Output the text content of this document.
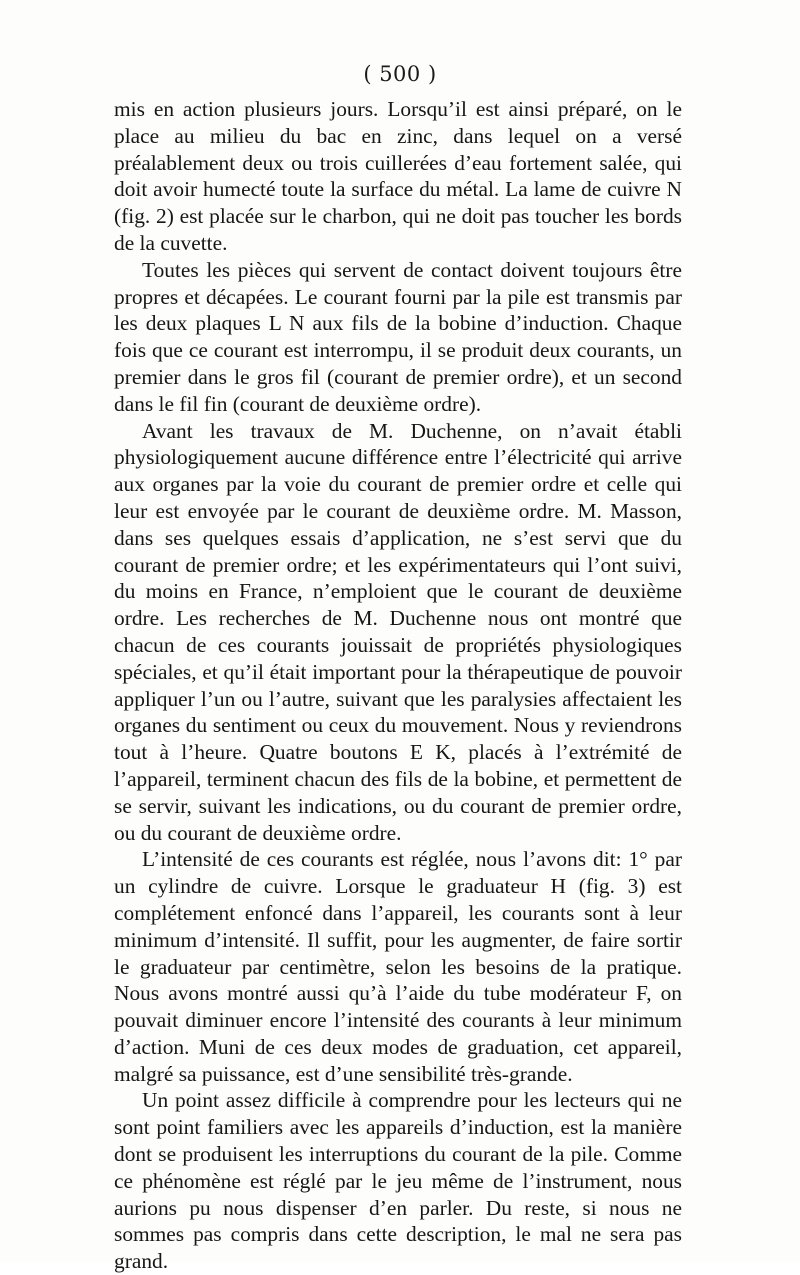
( 500 )

mis en action plusieurs jours. Lorsqu’il est ainsi préparé, on le place au milieu du bac en zinc, dans lequel on a versé préalablement deux ou trois cuillerées d’eau fortement salée, qui doit avoir humecté toute la surface du métal. La lame de cuivre N (fig. 2) est placée sur le charbon, qui ne doit pas toucher les bords de la cuvette.

Toutes les pièces qui servent de contact doivent toujours être propres et décapées. Le courant fourni par la pile est transmis par les deux plaques L N aux fils de la bobine d’induction. Chaque fois que ce courant est interrompu, il se produit deux courants, un premier dans le gros fil (courant de premier ordre), et un second dans le fil fin (courant de deuxième ordre).

Avant les travaux de M. Duchenne, on n’avait établi physiologiquement aucune différence entre l’électricité qui arrive aux organes par la voie du courant de premier ordre et celle qui leur est envoyée par le courant de deuxième ordre. M. Masson, dans ses quelques essais d’application, ne s’est servi que du courant de premier ordre; et les expérimentateurs qui l’ont suivi, du moins en France, n’emploient que le courant de deuxième ordre. Les recherches de M. Duchenne nous ont montré que chacun de ces courants jouissait de propriétés physiologiques spéciales, et qu’il était important pour la thérapeutique de pouvoir appliquer l’un ou l’autre, suivant que les paralysies affectaient les organes du sentiment ou ceux du mouvement. Nous y reviendrons tout à l’heure. Quatre boutons E K, placés à l’extrémité de l’appareil, terminent chacun des fils de la bobine, et permettent de se servir, suivant les indications, ou du courant de premier ordre, ou du courant de deuxième ordre.

L’intensité de ces courants est réglée, nous l’avons dit: 1° par un cylindre de cuivre. Lorsque le graduateur H (fig. 3) est complétement enfoncé dans l’appareil, les courants sont à leur minimum d’intensité. Il suffit, pour les augmenter, de faire sortir le graduateur par centimètre, selon les besoins de la pratique. Nous avons montré aussi qu’à l’aide du tube modérateur F, on pouvait diminuer encore l’intensité des courants à leur minimum d’action. Muni de ces deux modes de graduation, cet appareil, malgré sa puissance, est d’une sensibilité très-grande.

Un point assez difficile à comprendre pour les lecteurs qui ne sont point familiers avec les appareils d’induction, est la manière dont se produisent les interruptions du courant de la pile. Comme ce phénomène est réglé par le jeu même de l’instrument, nous aurions pu nous dispenser d’en parler. Du reste, si nous ne sommes pas compris dans cette description, le mal ne sera pas grand.
